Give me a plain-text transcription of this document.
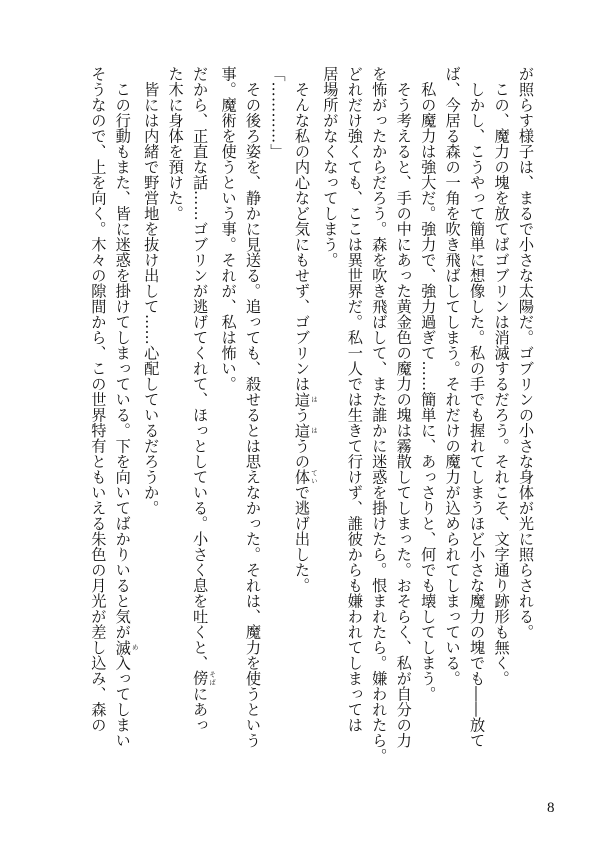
が照らす様子は、まるで小さな太陽だ。ゴブリンの小さな身体が光に照らされる。

　この、魔力の塊を放てばゴブリンは消滅するだろう。それこそ、文字通り跡形も無く。

　しかし、こうやって簡単に想像した。私の手でも握れてしまうほど小さな魔力の塊でも――放て

ば、今居る森の一角を吹き飛ばしてしまう。それだけの魔力が込められてしまっている。

　私の魔力は強大だ。強力で、強力過ぎて……簡単に、あっさりと、何でも壊してしまう。

　そう考えると、手の中にあった黄金色の魔力の塊は霧散してしまった。おそらく、私が自分の力

を怖がったからだろう。森を吹き飛ばして、また誰かに迷惑を掛けたら。恨まれたら。嫌われたら。

どれだけ強くても、ここは異世界だ。私一人では生きて行けず、誰彼からも嫌われてしまっては

居場所がなくなってしまう。

　そんな私の内心など気にもせず、ゴブリンは這 はう這 はうの体 ていで逃げ出した。

「…………」

　その後ろ姿を、静かに見送る。追っても、殺せるとは思えなかった。それは、魔力を使うという

事。魔術を使うという事。それが、私は怖い。

だから、正直な話……ゴブリンが逃げてくれて、ほっとしている。小さく息を吐くと、傍 そばにあっ

た木に身体を預けた。

　皆には内緒で野営地を抜け出して……心配しているだろうか。

　この行動もまた、皆に迷惑を掛けてしまっている。下を向いてばかりいると気が滅 め入ってしまい

そうなので、上を向く。木々の隙間から、この世界特有ともいえる朱色の月光が差し込み、森の

8
